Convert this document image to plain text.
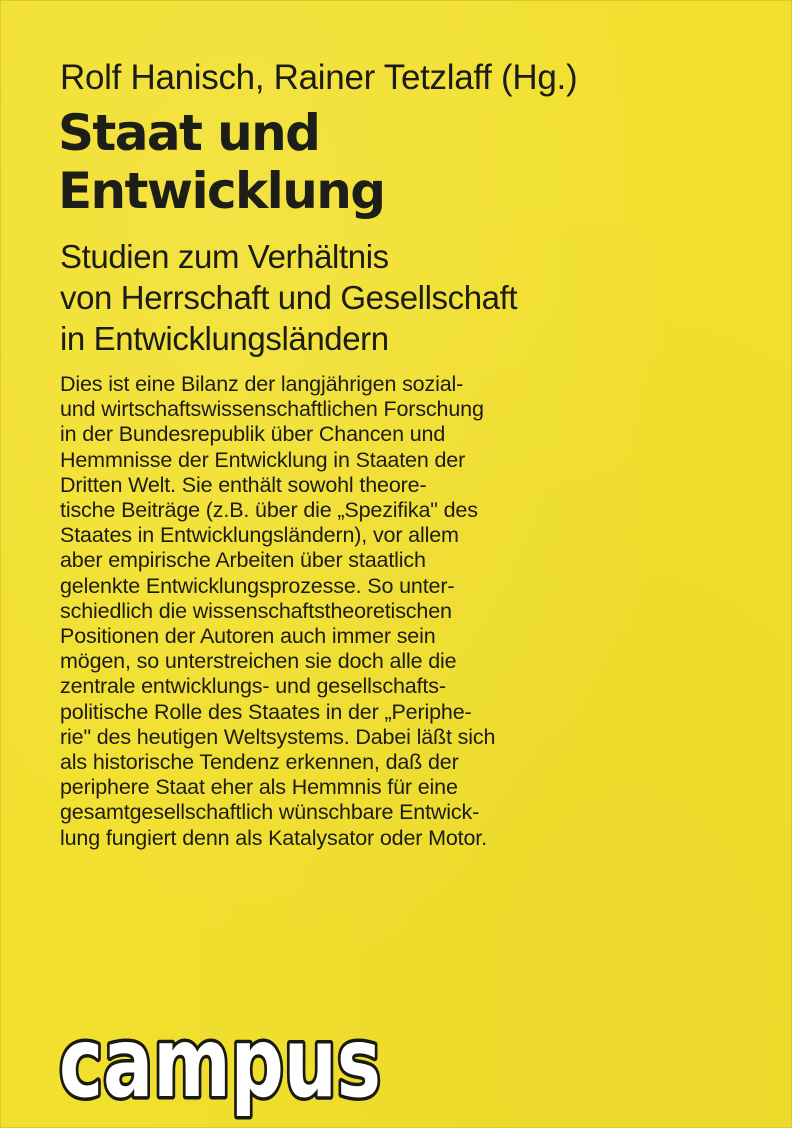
Rolf Hanisch, Rainer Tetzlaff (Hg.)
Staat und
Entwicklung
Studien zum Verhältnis
von Herrschaft und Gesellschaft
in Entwicklungsländern
Dies ist eine Bilanz der langjährigen sozial-
und wirtschaftswissenschaftlichen Forschung
in der Bundesrepublik über Chancen und
Hemmnisse der Entwicklung in Staaten der
Dritten Welt. Sie enthält sowohl theore-
tische Beiträge (z.B. über die „Spezifika" des
Staates in Entwicklungsländern), vor allem
aber empirische Arbeiten über staatlich
gelenkte Entwicklungsprozesse. So unter-
schiedlich die wissenschaftstheoretischen
Positionen der Autoren auch immer sein
mögen, so unterstreichen sie doch alle die
zentrale entwicklungs- und gesellschafts-
politische Rolle des Staates in der „Periphe-
rie" des heutigen Weltsystems. Dabei läßt sich
als historische Tendenz erkennen, daß der
periphere Staat eher als Hemmnis für eine
gesamtgesellschaftlich wünschbare Entwick-
lung fungiert denn als Katalysator oder Motor.
campus
